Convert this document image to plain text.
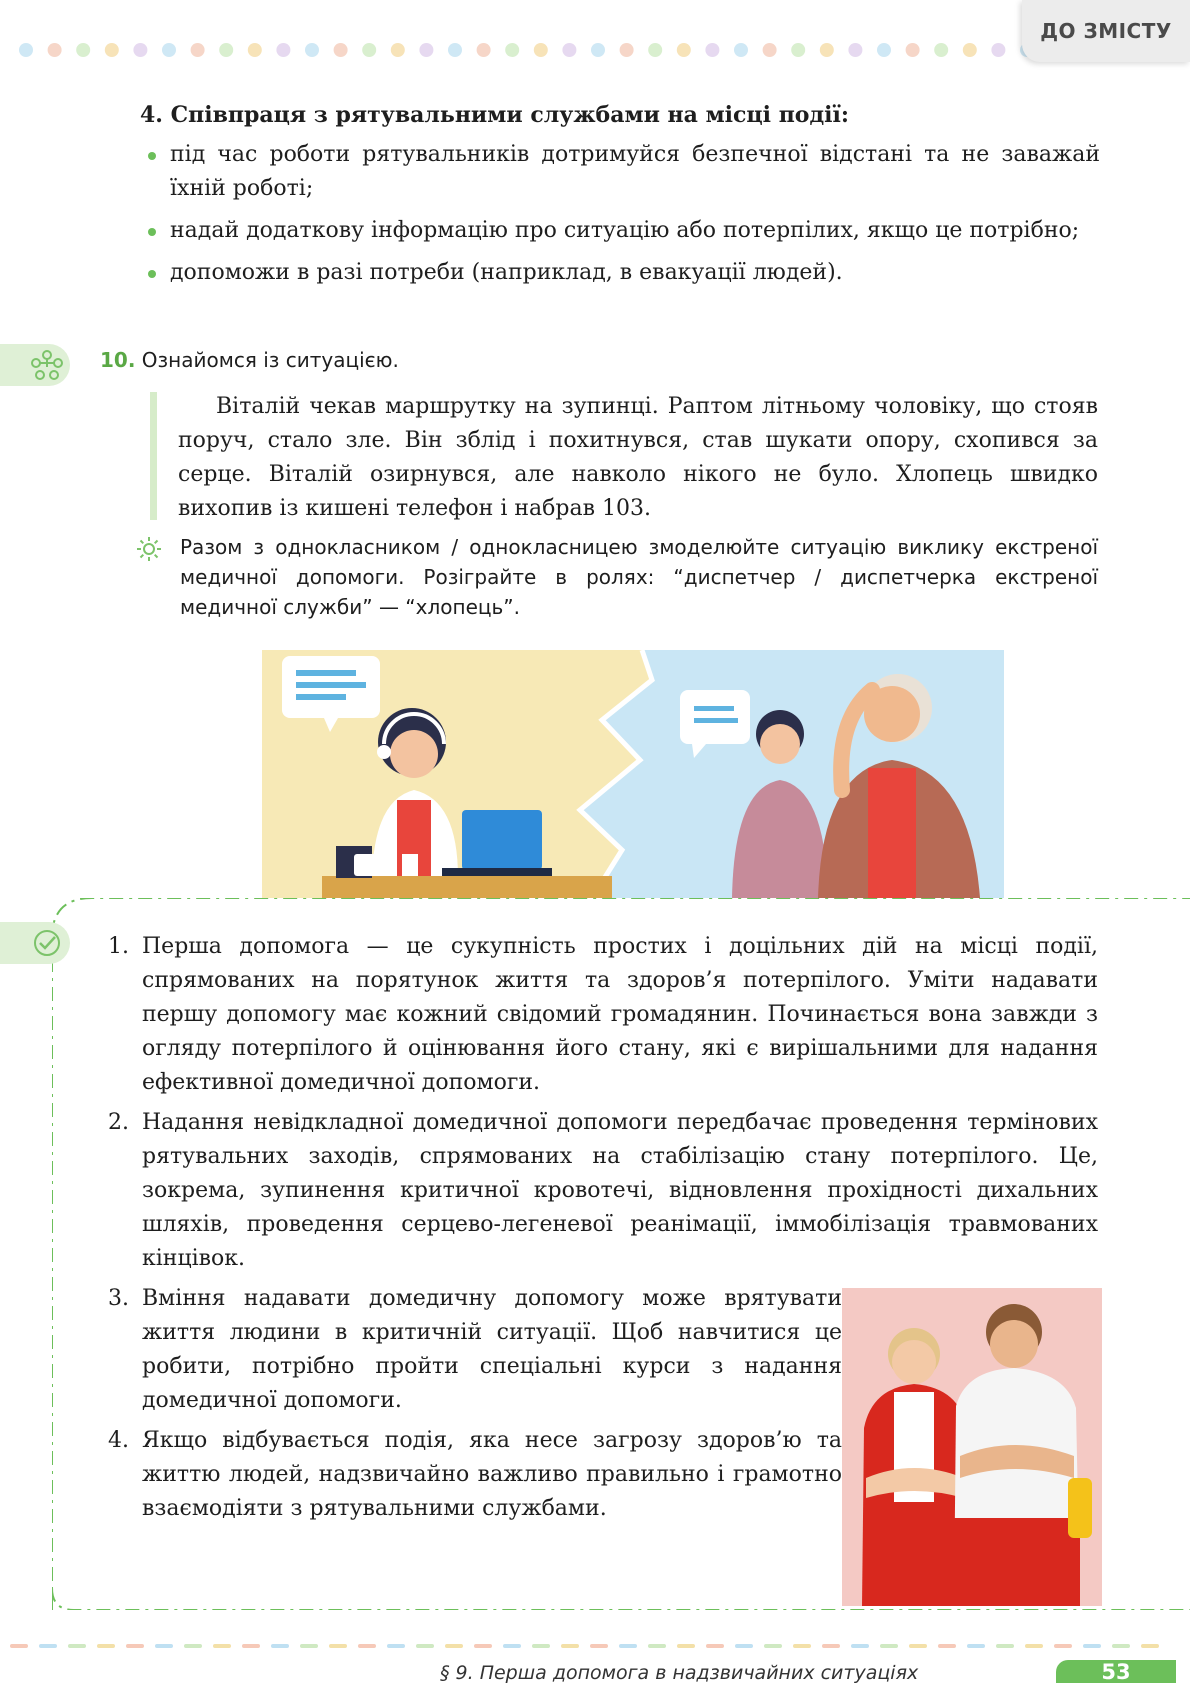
ДО ЗМІСТУ

4. Співпраця з рятувальними службами на місці події:

під час роботи рятувальників дотримуйся безпечної відстані та не заважай їхній роботі;
надай додаткову інформацію про ситуацію або потерпілих, якщо це потрібно;
допоможи в разі потреби (наприклад, в евакуації людей).
10. Ознайомся із ситуацією.

Віталій чекав маршрутку на зупинці. Раптом літньому чоловіку, що стояв поруч, стало зле. Він зблід і похитнувся, став шукати опору, схопився за серце. Віталій озирнувся, але навколо нікого не було. Хлопець швидко вихопив із кишені телефон і набрав 103.

Разом з однокласником / однокласницею змоделюйте ситуацію виклику екстреної медичної допомоги. Розіграйте в ролях: “диспетчер / диспетчерка екстреної медичної служби” — “хлопець”.

1. Перша допомога — це сукупність простих і доцільних дій на місці події, спрямованих на порятунок життя та здоров’я потерпілого. Уміти надавати першу допомогу має кожний свідомий громадянин. Починається вона завжди з огляду потерпілого й оцінювання його стану, які є вирішальними для надання ефективної домедичної допомоги.
2. Надання невідкладної домедичної допомоги передбачає проведення термінових рятувальних заходів, спрямованих на стабілізацію стану потерпілого. Це, зокрема, зупинення критичної кровотечі, відновлення прохідності дихальних шляхів, проведення серцево-легеневої реанімації, іммобілізація травмованих кінцівок.
3. Вміння надавати домедичну допомогу може врятувати життя людини в критичній ситуації. Щоб навчитися це робити, потрібно пройти спеціальні курси з надання домедичної допомоги.
4. Якщо відбувається подія, яка несе загрозу здоров’ю та життю людей, надзвичайно важливо правильно і грамотно взаємодіяти з рятувальними службами.
§ 9. Перша допомога в надзвичайних ситуаціях	53
